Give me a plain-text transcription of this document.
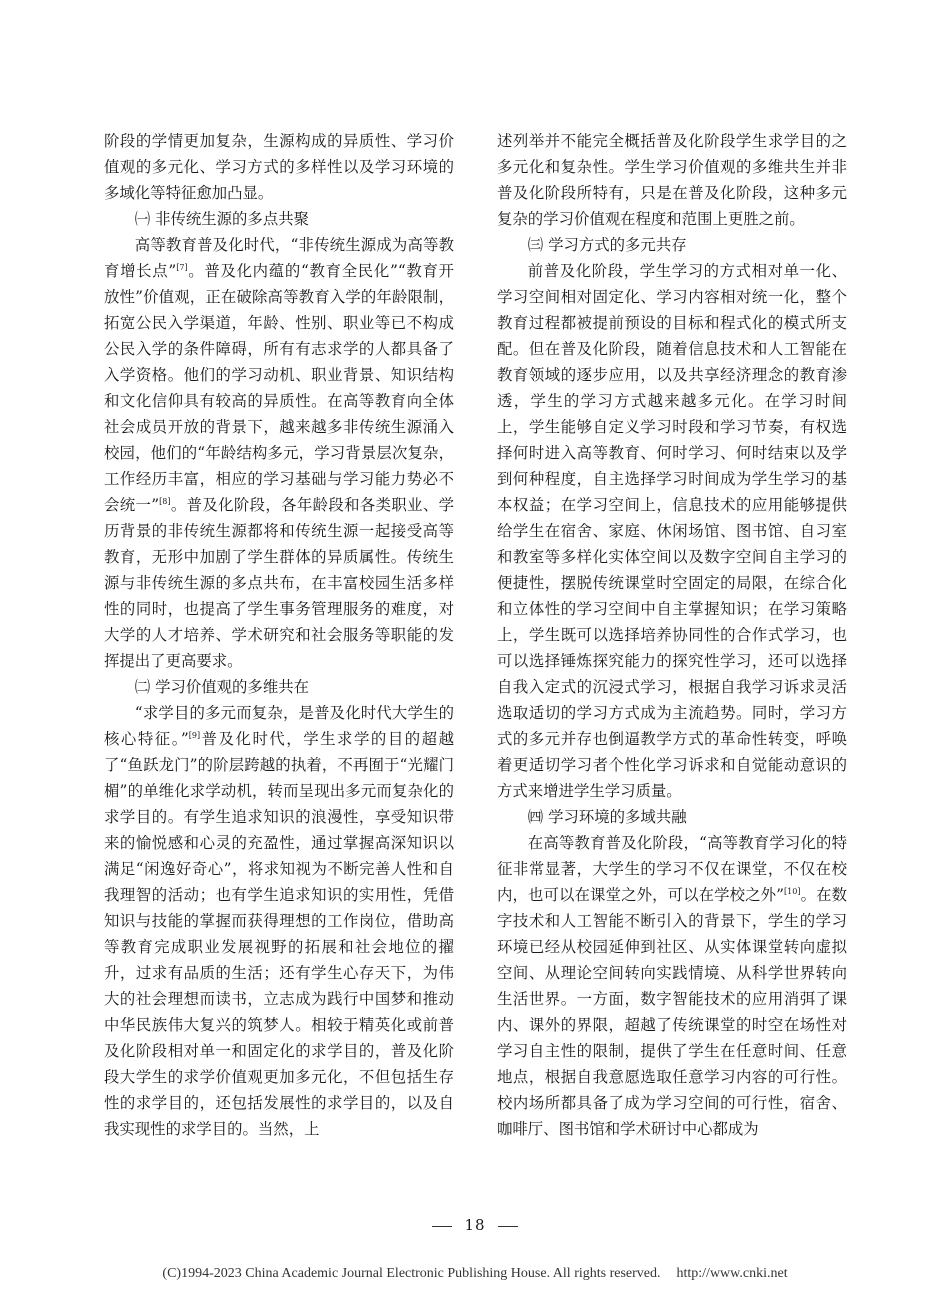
阶段的学情更加复杂，生源构成的异质性、学习价值观的多元化、学习方式的多样性以及学习环境的多域化等特征愈加凸显。

㈠ 非传统生源的多点共聚

高等教育普及化时代，“非传统生源成为高等教育增长点”[7]。普及化内蕴的“教育全民化”“教育开放性”价值观，正在破除高等教育入学的年龄限制，拓宽公民入学渠道，年龄、性别、职业等已不构成公民入学的条件障碍，所有有志求学的人都具备了入学资格。他们的学习动机、职业背景、知识结构和文化信仰具有较高的异质性。在高等教育向全体社会成员开放的背景下，越来越多非传统生源涌入校园，他们的“年龄结构多元，学习背景层次复杂，工作经历丰富，相应的学习基础与学习能力势必不会统一”[8]。普及化阶段，各年龄段和各类职业、学历背景的非传统生源都将和传统生源一起接受高等教育，无形中加剧了学生群体的异质属性。传统生源与非传统生源的多点共布，在丰富校园生活多样性的同时，也提高了学生事务管理服务的难度，对大学的人才培养、学术研究和社会服务等职能的发挥提出了更高要求。

㈡ 学习价值观的多维共在

“求学目的多元而复杂，是普及化时代大学生的核心特征。”[9]普及化时代，学生求学的目的超越了“鱼跃龙门”的阶层跨越的执着，不再囿于“光耀门楣”的单维化求学动机，转而呈现出多元而复杂化的求学目的。有学生追求知识的浪漫性，享受知识带来的愉悦感和心灵的充盈性，通过掌握高深知识以满足“闲逸好奇心”，将求知视为不断完善人性和自我理智的活动；也有学生追求知识的实用性，凭借知识与技能的掌握而获得理想的工作岗位，借助高等教育完成职业发展视野的拓展和社会地位的擢升，过求有品质的生活；还有学生心存天下，为伟大的社会理想而读书，立志成为践行中国梦和推动中华民族伟大复兴的筑梦人。相较于精英化或前普及化阶段相对单一和固定化的求学目的，普及化阶段大学生的求学价值观更加多元化，不但包括生存性的求学目的，还包括发展性的求学目的，以及自我实现性的求学目的。当然，上

述列举并不能完全概括普及化阶段学生求学目的之多元化和复杂性。学生学习价值观的多维共生并非普及化阶段所特有，只是在普及化阶段，这种多元复杂的学习价值观在程度和范围上更胜之前。

㈢ 学习方式的多元共存

前普及化阶段，学生学习的方式相对单一化、学习空间相对固定化、学习内容相对统一化，整个教育过程都被提前预设的目标和程式化的模式所支配。但在普及化阶段，随着信息技术和人工智能在教育领域的逐步应用，以及共享经济理念的教育渗透，学生的学习方式越来越多元化。在学习时间上，学生能够自定义学习时段和学习节奏，有权选择何时进入高等教育、何时学习、何时结束以及学到何种程度，自主选择学习时间成为学生学习的基本权益；在学习空间上，信息技术的应用能够提供给学生在宿舍、家庭、休闲场馆、图书馆、自习室和教室等多样化实体空间以及数字空间自主学习的便捷性，摆脱传统课堂时空固定的局限，在综合化和立体性的学习空间中自主掌握知识；在学习策略上，学生既可以选择培养协同性的合作式学习，也可以选择锤炼探究能力的探究性学习，还可以选择自我入定式的沉浸式学习，根据自我学习诉求灵活选取适切的学习方式成为主流趋势。同时，学习方式的多元并存也倒逼教学方式的革命性转变，呼唤着更适切学习者个性化学习诉求和自觉能动意识的方式来增进学生学习质量。

㈣ 学习环境的多域共融

在高等教育普及化阶段，“高等教育学习化的特征非常显著，大学生的学习不仅在课堂，不仅在校内，也可以在课堂之外，可以在学校之外”[10]。在数字技术和人工智能不断引入的背景下，学生的学习环境已经从校园延伸到社区、从实体课堂转向虚拟空间、从理论空间转向实践情境、从科学世界转向生活世界。一方面，数字智能技术的应用消弭了课内、课外的界限，超越了传统课堂的时空在场性对学习自主性的限制，提供了学生在任意时间、任意地点，根据自我意愿选取任意学习内容的可行性。校内场所都具备了成为学习空间的可行性，宿舍、咖啡厅、图书馆和学术研讨中心都成为

18
(C)1994-2023 China Academic Journal Electronic Publishing House. All rights reserved. http://www.cnki.net
